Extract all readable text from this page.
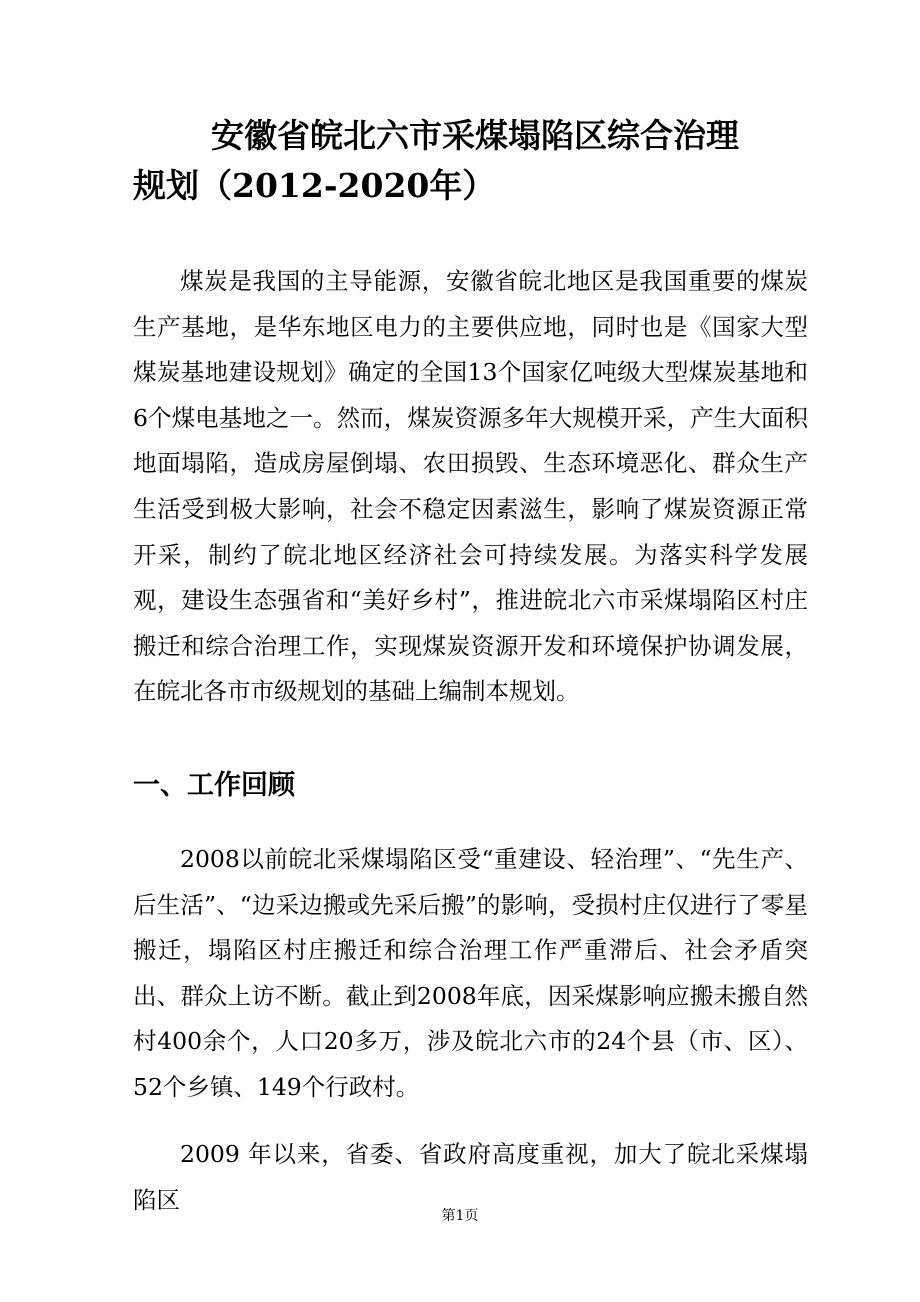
安徽省皖北六市采煤塌陷区综合治理
规划（2012-2020年）

煤炭是我国的主导能源，安徽省皖北地区是我国重要的煤炭生产基地，是华东地区电力的主要供应地，同时也是《国家大型煤炭基地建设规划》确定的全国13个国家亿吨级大型煤炭基地和6个煤电基地之一。然而，煤炭资源多年大规模开采，产生大面积地面塌陷，造成房屋倒塌、农田损毁、生态环境恶化、群众生产生活受到极大影响，社会不稳定因素滋生，影响了煤炭资源正常开采，制约了皖北地区经济社会可持续发展。为落实科学发展观，建设生态强省和“美好乡村”，推进皖北六市采煤塌陷区村庄搬迁和综合治理工作，实现煤炭资源开发和环境保护协调发展，在皖北各市市级规划的基础上编制本规划。

一、工作回顾

2008以前皖北采煤塌陷区受“重建设、轻治理”、“先生产、后生活”、“边采边搬或先采后搬”的影响，受损村庄仅进行了零星搬迁，塌陷区村庄搬迁和综合治理工作严重滞后、社会矛盾突出、群众上访不断。截止到2008年底，因采煤影响应搬未搬自然村400余个，人口20多万，涉及皖北六市的24个县（市、区）、52个乡镇、149个行政村。

2009 年以来，省委、省政府高度重视，加大了皖北采煤塌陷区

第1页
